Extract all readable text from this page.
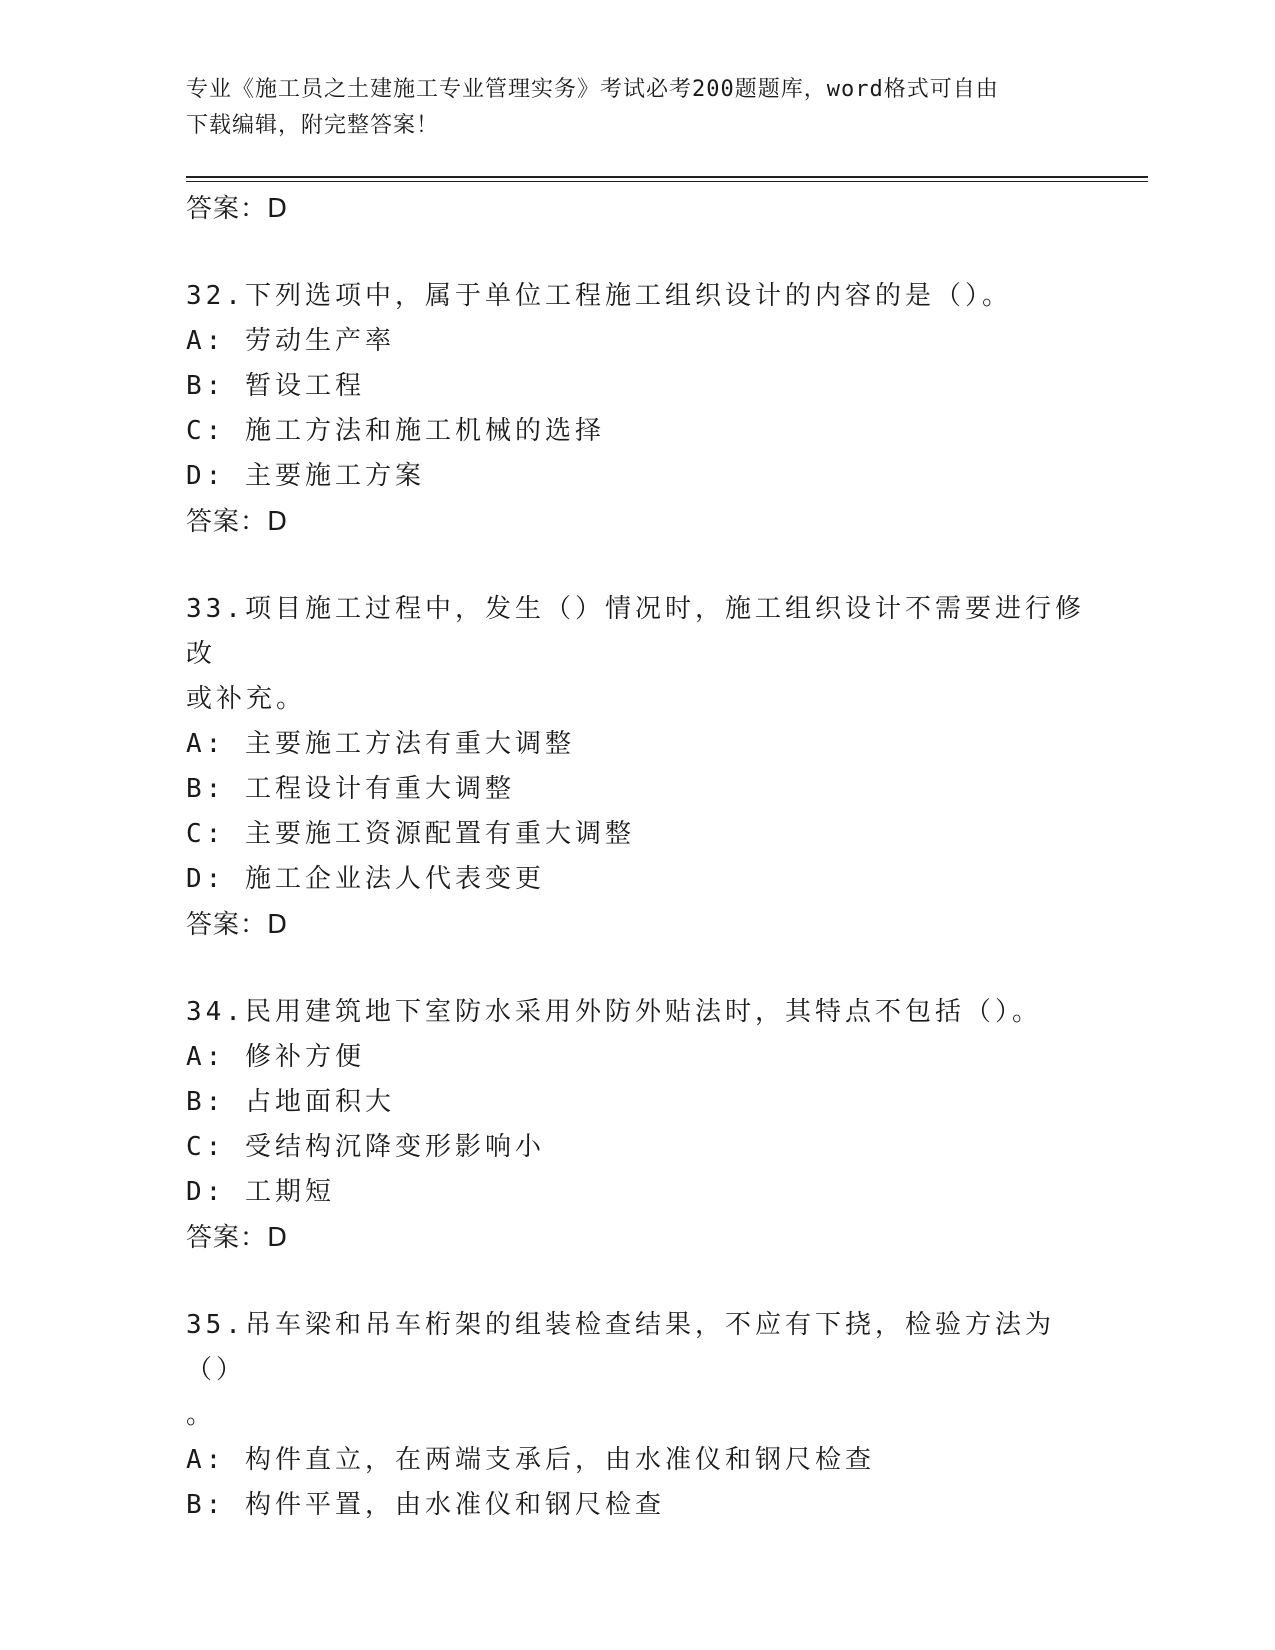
专业《施工员之土建施工专业管理实务》考试必考200题题库，word格式可自由
下载编辑，附完整答案！
答案：D
32.下列选项中，属于单位工程施工组织设计的内容的是（）。
A: 劳动生产率
B: 暂设工程
C: 施工方法和施工机械的选择
D: 主要施工方案
答案：D
33.项目施工过程中，发生（）情况时，施工组织设计不需要进行修改
或补充。
A: 主要施工方法有重大调整
B: 工程设计有重大调整
C: 主要施工资源配置有重大调整
D: 施工企业法人代表变更
答案：D
34.民用建筑地下室防水采用外防外贴法时，其特点不包括（）。
A: 修补方便
B: 占地面积大
C: 受结构沉降变形影响小
D: 工期短
答案：D
35.吊车梁和吊车桁架的组装检查结果，不应有下挠，检验方法为（）
。
A: 构件直立，在两端支承后，由水准仪和钢尺检查
B: 构件平置，由水准仪和钢尺检查
